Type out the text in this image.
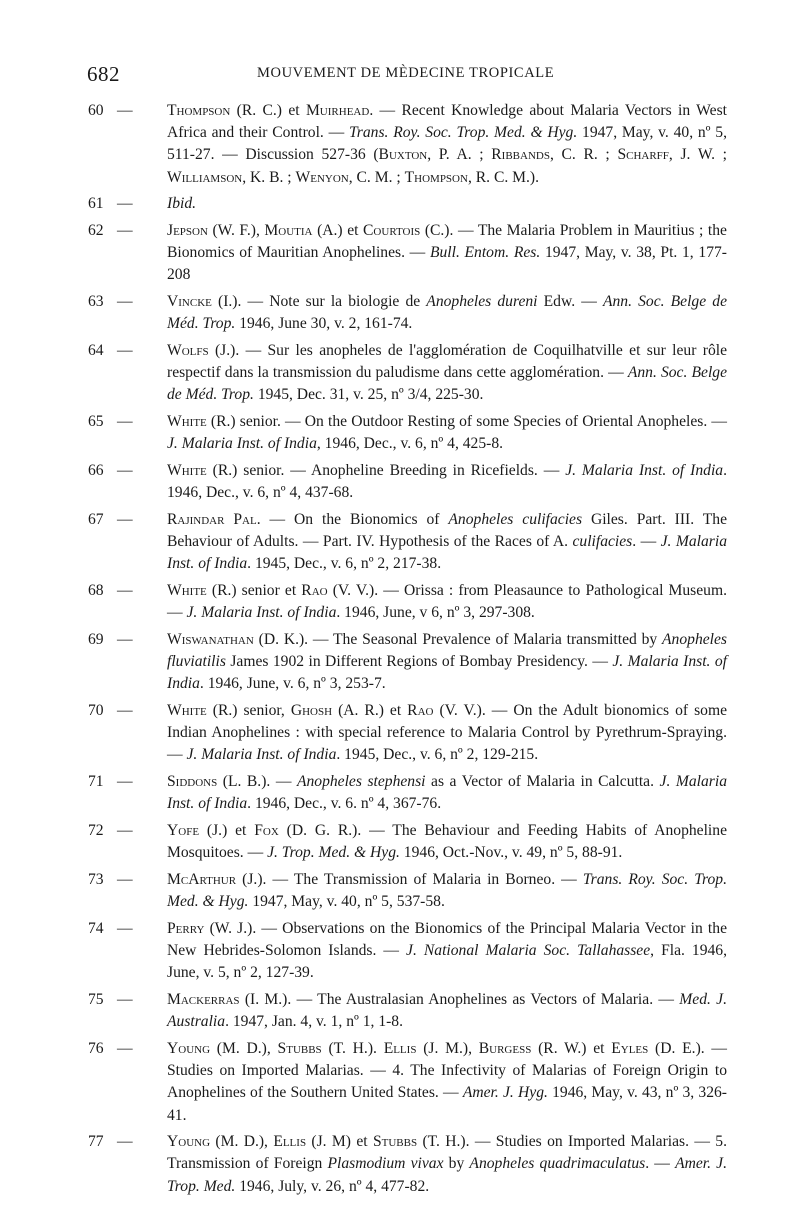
682	MOUVEMENT DE MÈDECINE TROPICALE
60 — Thompson (R. C.) et Muirhead. — Recent Knowledge about Malaria Vectors in West Africa and their Control. — Trans. Roy. Soc. Trop. Med. & Hyg. 1947, May, v. 40, nº 5, 511-27. — Discussion 527-36 (Buxton, P. A. ; Ribbands, C. R. ; Scharff, J. W. ; Williamson, K. B. ; Wenyon, C. M. ; Thompson, R. C. M.).
61 — Ibid.
62 — Jepson (W. F.), Moutia (A.) et Courtois (C.). — The Malaria Problem in Mauritius ; the Bionomics of Mauritian Anophelines. — Bull. Entom. Res. 1947, May, v. 38, Pt. 1, 177-208
63 — Vincke (I.). — Note sur la biologie de Anopheles dureni Edw. — Ann. Soc. Belge de Méd. Trop. 1946, June 30, v. 2, 161-74.
64 — Wolfs (J.). — Sur les anopheles de l'agglomération de Coquilhatville et sur leur rôle respectif dans la transmission du paludisme dans cette agglomération. — Ann. Soc. Belge de Méd. Trop. 1945, Dec. 31, v. 25, nº 3/4, 225-30.
65 — White (R.) senior. — On the Outdoor Resting of some Species of Oriental Anopheles. — J. Malaria Inst. of India, 1946, Dec., v. 6, nº 4, 425-8.
66 — White (R.) senior. — Anopheline Breeding in Ricefields. — J. Malaria Inst. of India. 1946, Dec., v. 6, nº 4, 437-68.
67 — Rajindar Pal. — On the Bionomics of Anopheles culifacies Giles. Part. III. The Behaviour of Adults. — Part. IV. Hypothesis of the Races of A. culifacies. — J. Malaria Inst. of India. 1945, Dec., v. 6, nº 2, 217-38.
68 — White (R.) senior et Rao (V. V.). — Orissa : from Pleasaunce to Pathological Museum. — J. Malaria Inst. of India. 1946, June, v 6, nº 3, 297-308.
69 — Wiswanathan (D. K.). — The Seasonal Prevalence of Malaria transmitted by Anopheles fluviatilis James 1902 in Different Regions of Bombay Presidency. — J. Malaria Inst. of India. 1946, June, v. 6, nº 3, 253-7.
70 — White (R.) senior, Ghosh (A. R.) et Rao (V. V.). — On the Adult bionomics of some Indian Anophelines : with special reference to Malaria Control by Pyrethrum-Spraying. — J. Malaria Inst. of India. 1945, Dec., v. 6, nº 2, 129-215.
71 — Siddons (L. B.). — Anopheles stephensi as a Vector of Malaria in Calcutta. J. Malaria Inst. of India. 1946, Dec., v. 6. nº 4, 367-76.
72 — Yofe (J.) et Fox (D. G. R.). — The Behaviour and Feeding Habits of Anopheline Mosquitoes. — J. Trop. Med. & Hyg. 1946, Oct.-Nov., v. 49, nº 5, 88-91.
73 — McArthur (J.). — The Transmission of Malaria in Borneo. — Trans. Roy. Soc. Trop. Med. & Hyg. 1947, May, v. 40, nº 5, 537-58.
74 — Perry (W. J.). — Observations on the Bionomics of the Principal Malaria Vector in the New Hebrides-Solomon Islands. — J. National Malaria Soc. Tallahassee, Fla. 1946, June, v. 5, nº 2, 127-39.
75 — Mackerras (I. M.). — The Australasian Anophelines as Vectors of Malaria. — Med. J. Australia. 1947, Jan. 4, v. 1, nº 1, 1-8.
76 — Young (M. D.), Stubbs (T. H.). Ellis (J. M.), Burgess (R. W.) et Eyles (D. E.). — Studies on Imported Malarias. — 4. The Infectivity of Malarias of Foreign Origin to Anophelines of the Southern United States. — Amer. J. Hyg. 1946, May, v. 43, nº 3, 326-41.
77 — Young (M. D.), Ellis (J. M) et Stubbs (T. H.). — Studies on Imported Malarias. — 5. Transmission of Foreign Plasmodium vivax by Anopheles quadrimaculatus. — Amer. J. Trop. Med. 1946, July, v. 26, nº 4, 477-82.
